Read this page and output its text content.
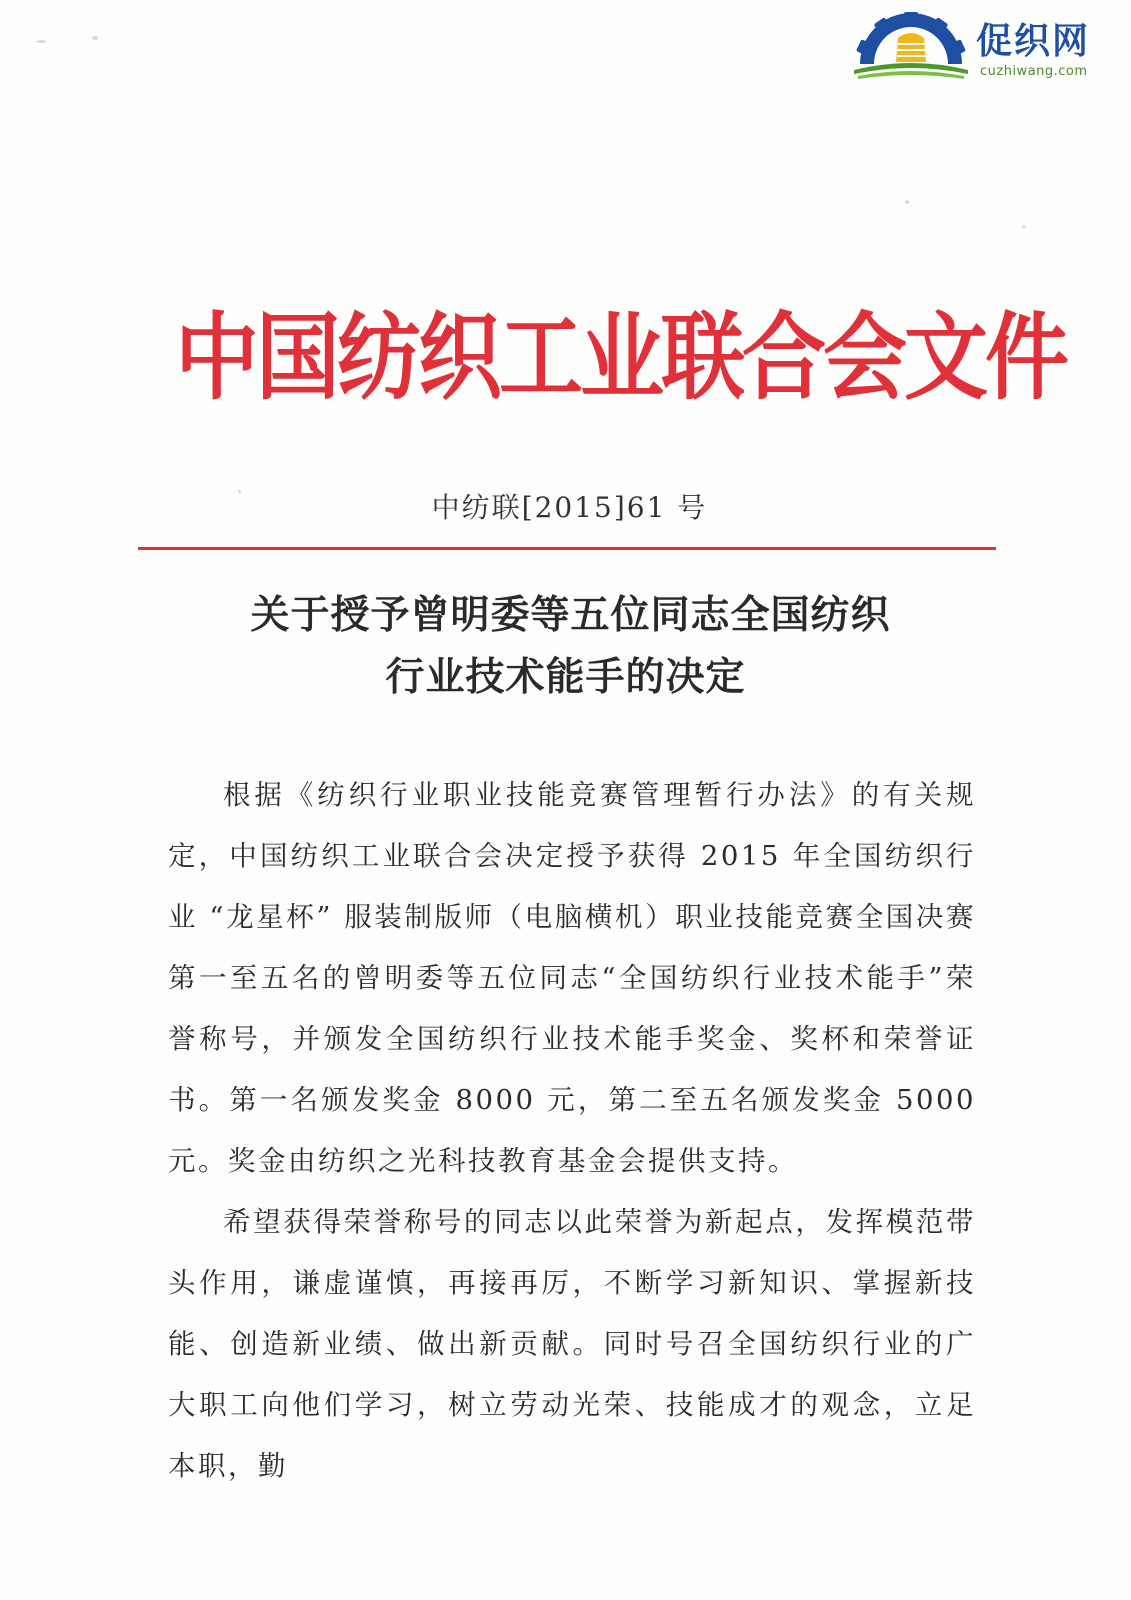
促织网
cuzhiwang.com
中国纺织工业联合会文件
中纺联[2015]61 号
关于授予曾明委等五位同志全国纺织
行业技术能手的决定

根据《纺织行业职业技能竞赛管理暂行办法》的有关规定，中国纺织工业联合会决定授予获得 2015 年全国纺织行业 “龙星杯” 服装制版师（电脑横机）职业技能竞赛全国决赛第一至五名的曾明委等五位同志“全国纺织行业技术能手”荣誉称号，并颁发全国纺织行业技术能手奖金、奖杯和荣誉证书。第一名颁发奖金 8000 元，第二至五名颁发奖金 5000 元。奖金由纺织之光科技教育基金会提供支持。

希望获得荣誉称号的同志以此荣誉为新起点，发挥模范带头作用，谦虚谨慎，再接再厉，不断学习新知识、掌握新技能、创造新业绩、做出新贡献。同时号召全国纺织行业的广大职工向他们学习，树立劳动光荣、技能成才的观念，立足本职，勤
